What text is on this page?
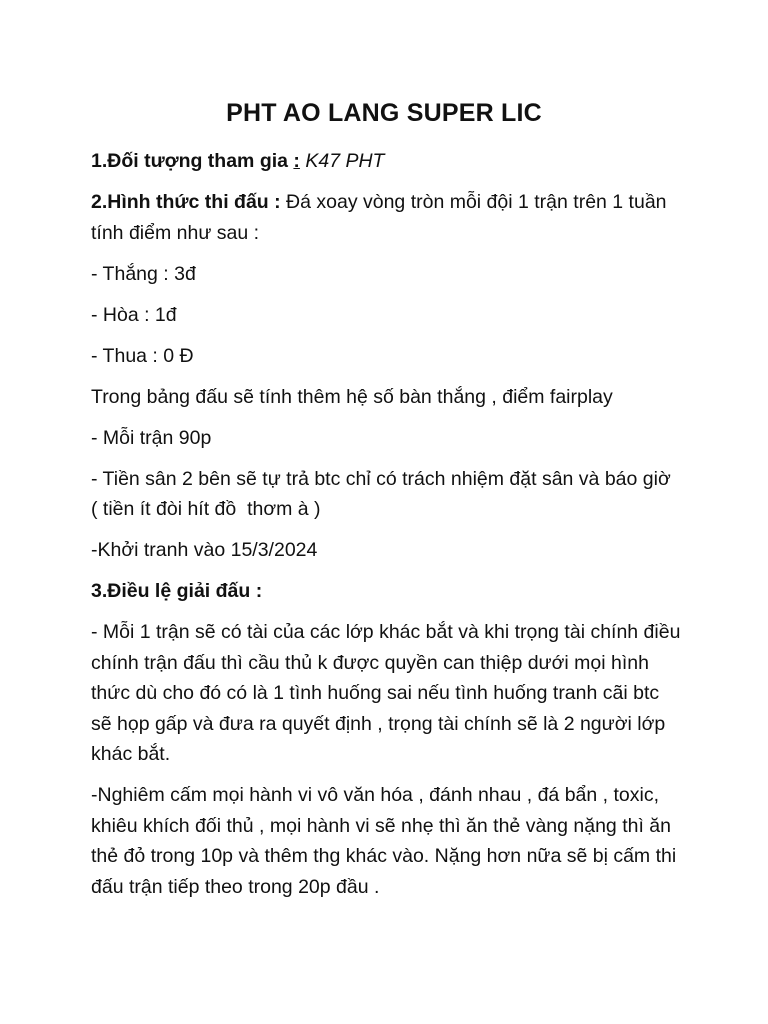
PHT AO LANG SUPER LIC

1.Đối tượng tham gia : K47 PHT

2.Hình thức thi đấu : Đá xoay vòng tròn mỗi đội 1 trận trên 1 tuần tính điểm như sau :

- Thắng : 3đ

- Hòa : 1đ

- Thua : 0 Đ

Trong bảng đấu sẽ tính thêm hệ số bàn thắng , điểm fairplay

- Mỗi trận 90p

- Tiền sân 2 bên sẽ tự trả btc chỉ có trách nhiệm đặt sân và báo giờ ( tiền ít đòi hít đồ  thơm à )

-Khởi tranh vào 15/3/2024

3.Điều lệ giải đấu :

- Mỗi 1 trận sẽ có tài của các lớp khác bắt và khi trọng tài chính điều chính trận đấu thì cầu thủ k được quyền can thiệp dưới mọi hình thức dù cho đó có là 1 tình huống sai nếu tình huống tranh cãi btc sẽ họp gấp và đưa ra quyết định , trọng tài chính sẽ là 2 người lớp khác bắt.

-Nghiêm cấm mọi hành vi vô văn hóa , đánh nhau , đá bẩn , toxic, khiêu khích đối thủ , mọi hành vi sẽ nhẹ thì ăn thẻ vàng nặng thì ăn thẻ đỏ trong 10p và thêm thg khác vào. Nặng hơn nữa sẽ bị cấm thi đấu trận tiếp theo trong 20p đầu .
